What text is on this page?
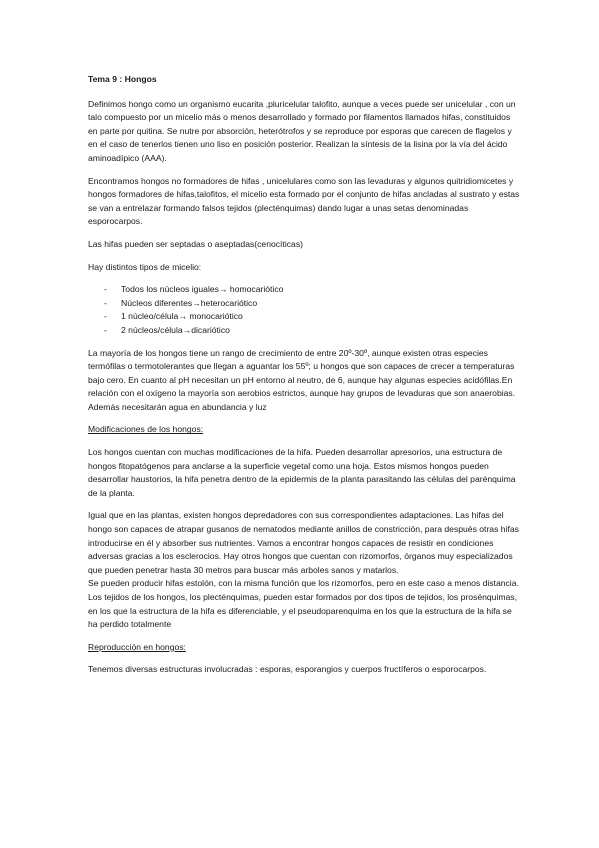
Tema 9 : Hongos

Definimos hongo como un organismo eucarita ,pluricelular talofito, aunque a veces puede ser unicelular , con un talo compuesto por un micelio más o menos desarrollado y formado por filamentos llamados hifas, constituidos en parte por quitina. Se nutre por absorción, heterótrofos y se reproduce por esporas que carecen de flagelos y en el caso de tenerlos tienen uno liso en posición posterior. Realizan la síntesis de la lisina por la vía del ácido aminoadípico (AAA).

Encontramos hongos no formadores de hifas , unicelulares como son las levaduras y algunos quitridiomicetes y hongos formadores de hifas,talofitos, el micelio esta formado por el conjunto de hifas ancladas al sustrato y estas se van a entrelazar formando falsos tejidos (plecténquimas) dando lugar a unas setas denominadas esporocarpos.

Las hifas pueden ser septadas o aseptadas(cenocíticas)

Hay distintos tipos de micelio:

- Todos los núcleos iguales→ homocariótico
- Núcleos diferentes→heterocariótico
- 1 núcleo/célula→ monocariótico
- 2 núcleos/célula→dicariótico

La mayoría de los hongos tiene un rango de crecimiento de entre 20º-30º, aunque existen otras especies termófilas o termotolerantes que llegan a aguantar los 55º; u hongos que son capaces de crecer a temperaturas bajo cero. En cuanto al pH necesitan un pH entorno al neutro, de 6, aunque hay algunas especies acidófilas.En relación con el oxígeno la mayoría son aerobios estrictos, aunque hay grupos de levaduras que son anaerobias. Además necesitarán agua en abundancia y luz

Modificaciones de los hongos:

Los hongos cuentan con muchas modificaciones de la hifa. Pueden desarrollar apresorios, una estructura de hongos fitopatógenos para anclarse a la superficie vegetal como una hoja. Estos mismos hongos pueden desarrollar haustorios, la hifa penetra dentro de la epidermis de la planta parasitando las células del parénquima de la planta.

Igual que en las plantas, existen hongos depredadores con sus correspondientes adaptaciones. Las hifas del hongo son capaces de atrapar gusanos de nematodos mediante anillos de constricción, para después otras hifas introducirse en él y absorber sus nutrientes. Vamos a encontrar hongos capaces de resistir en condiciones adversas gracias a los esclerocios. Hay otros hongos que cuentan con rizomorfos, órganos muy especializados que pueden penetrar hasta 30 metros para buscar más arboles sanos y matarlos.

Se pueden producir hifas estolón, con la misma función que los rizomorfos, pero en este caso a menos distancia. Los tejidos de los hongos, los plecténquimas, pueden estar formados por dos tipos de tejidos, los prosénquimas, en los que la estructura de la hifa es diferenciable, y el pseudoparenquima en los que la estructura de la hifa se ha perdido totalmente

Reproducción en hongos:

Tenemos diversas estructuras involucradas : esporas, esporangios y cuerpos fructíferos o esporocarpos.
